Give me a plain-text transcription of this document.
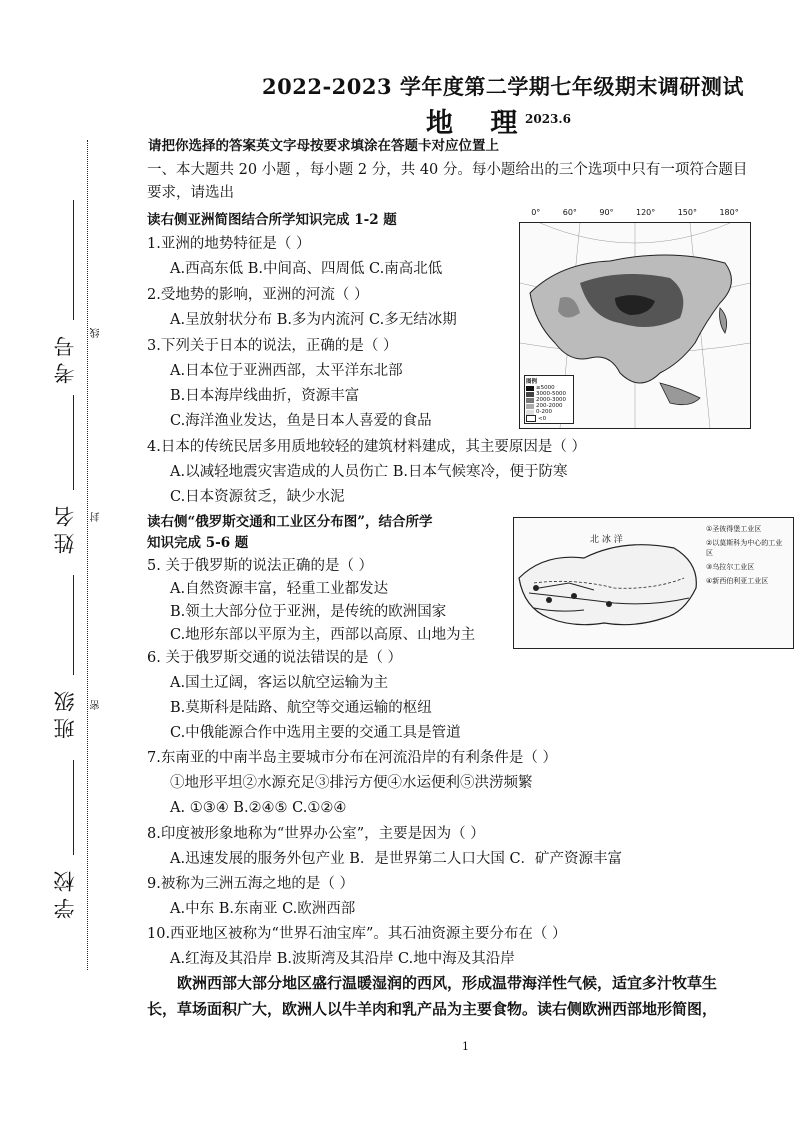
2022-2023 学年度第二学期七年级期末调研测试
地 理
2023.6
考号	线
姓名	封
班级	密
学校
请把你选择的答案英文字母按要求填涂在答题卡对应位置上
一、本大题共 20 小题 ，每小题 2 分，共 40 分。每小题给出的三个选项中只有一项符合题目
要求，请选出
读右侧亚洲简图结合所学知识完成 1-2 题
1.亚洲的地势特征是（ ）
A.西高东低 B.中间高、四周低 C.南高北低
2.受地势的影响，亚洲的河流（ ）
A.呈放射状分布 B.多为内流河 C.多无结冰期
3.下列关于日本的说法，正确的是（ ）
A.日本位于亚洲西部，太平洋东北部
B.日本海岸线曲折，资源丰富
C.海洋渔业发达，鱼是日本人喜爱的食品
4.日本的传统民居多用质地较轻的建筑材料建成，其主要原因是（ ）
A.以减轻地震灾害造成的人员伤亡 B.日本气候寒冷，便于防寒
C.日本资源贫乏，缺少水泥
读右侧“俄罗斯交通和工业区分布图”，结合所学
知识完成 5-6 题
5. 关于俄罗斯的说法正确的是（ ）
A.自然资源丰富，轻重工业都发达
B.领土大部分位于亚洲，是传统的欧洲国家
C.地形东部以平原为主，西部以高原、山地为主
6. 关于俄罗斯交通的说法错误的是（ ）
A.国土辽阔，客运以航空运输为主
B.莫斯科是陆路、航空等交通运输的枢纽
C.中俄能源合作中选用主要的交通工具是管道
7.东南亚的中南半岛主要城市分布在河流沿岸的有利条件是（ ）
①地形平坦②水源充足③排污方便④水运便利⑤洪涝频繁
A. ①③④ B.②④⑤ C.①②④
8.印度被形象地称为“世界办公室”，主要是因为（ ）
A.迅速发展的服务外包产业 B．是世界第二人口大国 C．矿产资源丰富
9.被称为三洲五海之地的是（ ）
A.中东 B.东南亚 C.欧洲西部
10.西亚地区被称为“世界石油宝库”。其石油资源主要分布在（ ）
A.红海及其沿岸 B.波斯湾及其沿岸 C.地中海及其沿岸
欧洲西部大部分地区盛行温暖湿润的西风，形成温带海洋性气候，适宜多汁牧草生
长，草场面积广大，欧洲人以牛羊肉和乳产品为主要食物。读右侧欧洲西部地形简图，
0°	60°	90°	120°	150°	180°
图例
≥5000
3000-5000
2000-3000
200-2000
0-200
<0
北 冰 洋
①圣彼得堡工业区
②以莫斯科为中心的工业区
③乌拉尔工业区
④新西伯利亚工业区
1
